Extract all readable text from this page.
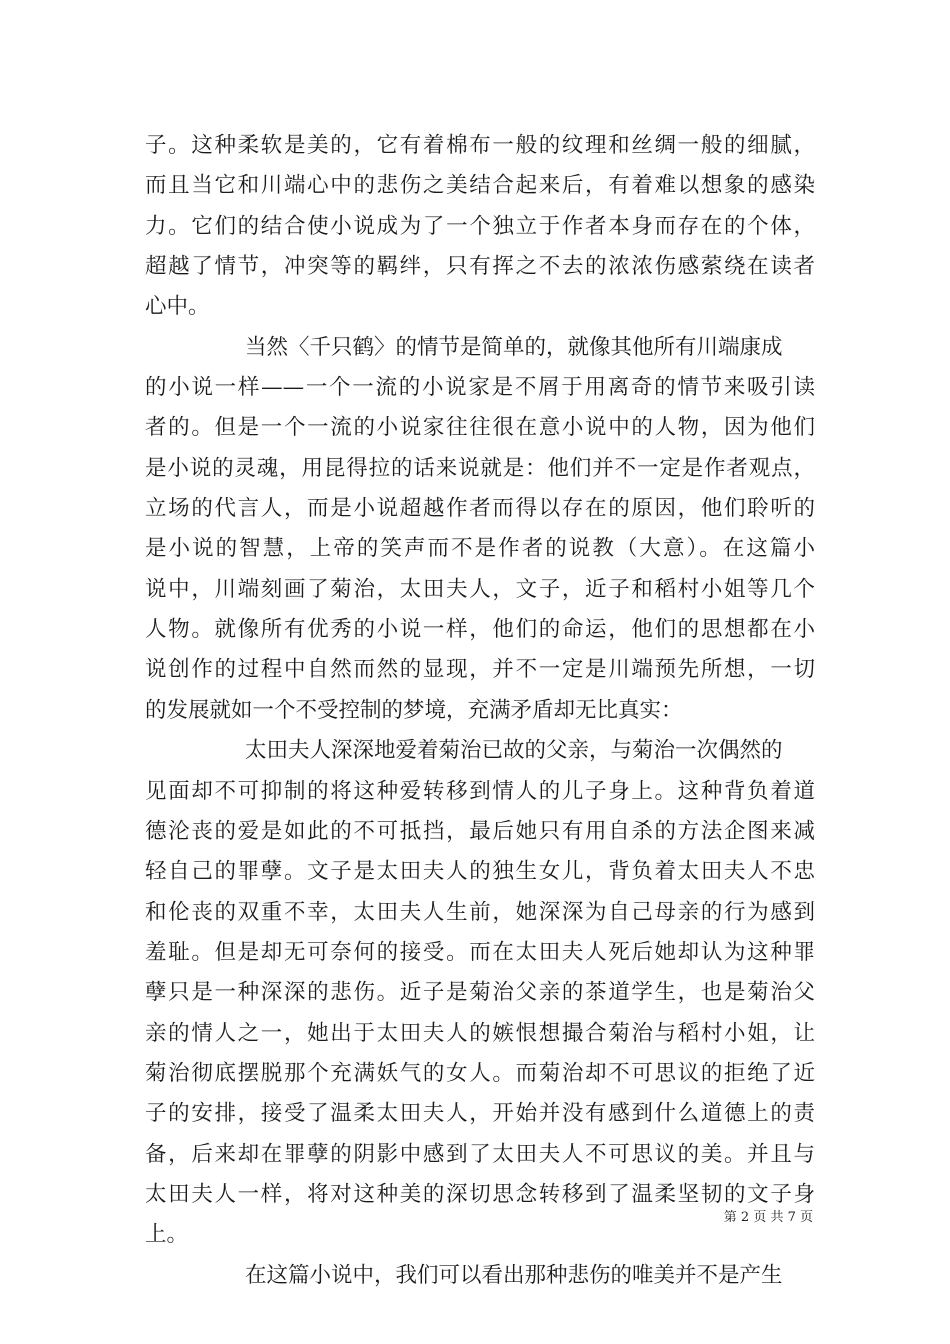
子。这种柔软是美的，它有着棉布一般的纹理和丝绸一般的细腻，
而且当它和川端心中的悲伤之美结合起来后，有着难以想象的感染
力。它们的结合使小说成为了一个独立于作者本身而存在的个体，
超越了情节，冲突等的羁绊，只有挥之不去的浓浓伤感萦绕在读者
心中。
当然〈千只鹤〉的情节是简单的，就像其他所有川端康成
的小说一样——一个一流的小说家是不屑于用离奇的情节来吸引读
者的。但是一个一流的小说家往往很在意小说中的人物，因为他们
是小说的灵魂，用昆得拉的话来说就是：他们并不一定是作者观点，
立场的代言人，而是小说超越作者而得以存在的原因，他们聆听的
是小说的智慧，上帝的笑声而不是作者的说教（大意）。在这篇小
说中，川端刻画了菊治，太田夫人，文子，近子和稻村小姐等几个
人物。就像所有优秀的小说一样，他们的命运，他们的思想都在小
说创作的过程中自然而然的显现，并不一定是川端预先所想，一切
的发展就如一个不受控制的梦境，充满矛盾却无比真实：
太田夫人深深地爱着菊治已故的父亲，与菊治一次偶然的
见面却不可抑制的将这种爱转移到情人的儿子身上。这种背负着道
德沦丧的爱是如此的不可抵挡，最后她只有用自杀的方法企图来减
轻自己的罪孽。文子是太田夫人的独生女儿，背负着太田夫人不忠
和伦丧的双重不幸，太田夫人生前，她深深为自己母亲的行为感到
羞耻。但是却无可奈何的接受。而在太田夫人死后她却认为这种罪
孽只是一种深深的悲伤。近子是菊治父亲的茶道学生，也是菊治父
亲的情人之一，她出于太田夫人的嫉恨想撮合菊治与稻村小姐，让
菊治彻底摆脱那个充满妖气的女人。而菊治却不可思议的拒绝了近
子的安排，接受了温柔太田夫人，开始并没有感到什么道德上的责
备，后来却在罪孽的阴影中感到了太田夫人不可思议的美。并且与
太田夫人一样，将对这种美的深切思念转移到了温柔坚韧的文子身
上。
在这篇小说中，我们可以看出那种悲伤的唯美并不是产生
第 2 页 共 7 页
